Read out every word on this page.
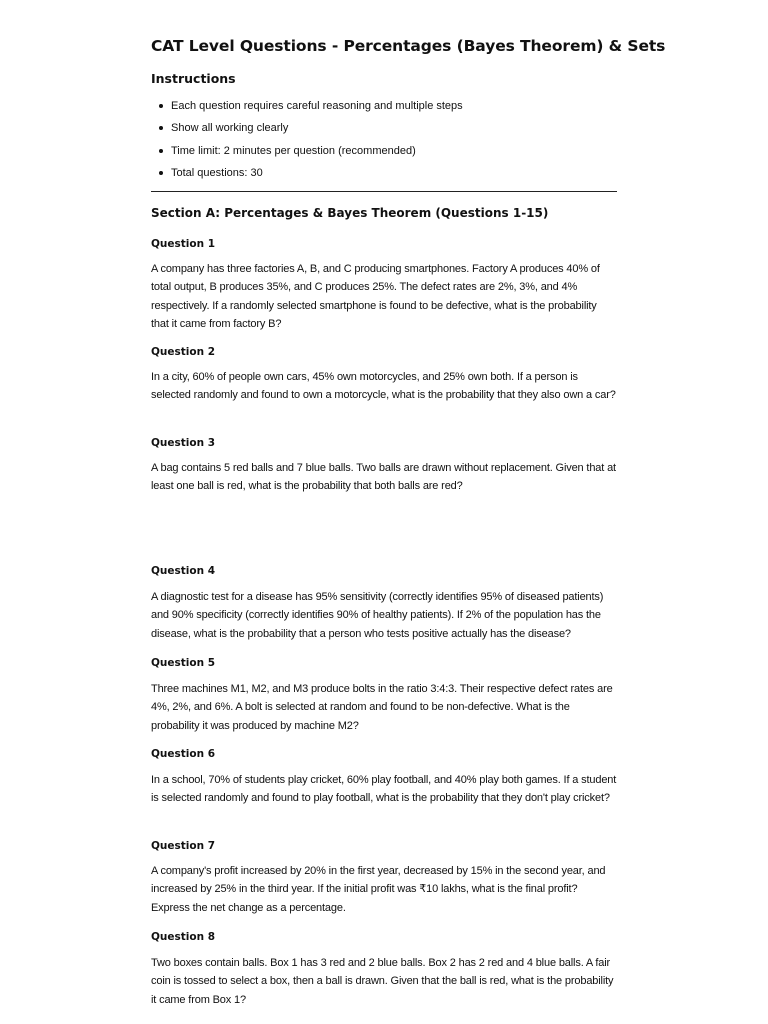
CAT Level Questions - Percentages (Bayes Theorem) & Sets
Instructions
Each question requires careful reasoning and multiple steps
Show all working clearly
Time limit: 2 minutes per question (recommended)
Total questions: 30
Section A: Percentages & Bayes Theorem (Questions 1-15)
Question 1

A company has three factories A, B, and C producing smartphones. Factory A produces 40% of total output, B produces 35%, and C produces 25%. The defect rates are 2%, 3%, and 4% respectively. If a randomly selected smartphone is found to be defective, what is the probability that it came from factory B?

Question 2

In a city, 60% of people own cars, 45% own motorcycles, and 25% own both. If a person is selected randomly and found to own a motorcycle, what is the probability that they also own a car?

Question 3

A bag contains 5 red balls and 7 blue balls. Two balls are drawn without replacement. Given that at least one ball is red, what is the probability that both balls are red?

Question 4

A diagnostic test for a disease has 95% sensitivity (correctly identifies 95% of diseased patients) and 90% specificity (correctly identifies 90% of healthy patients). If 2% of the population has the disease, what is the probability that a person who tests positive actually has the disease?

Question 5

Three machines M1, M2, and M3 produce bolts in the ratio 3:4:3. Their respective defect rates are 4%, 2%, and 6%. A bolt is selected at random and found to be non-defective. What is the probability it was produced by machine M2?

Question 6

In a school, 70% of students play cricket, 60% play football, and 40% play both games. If a student is selected randomly and found to play football, what is the probability that they don't play cricket?

Question 7

A company's profit increased by 20% in the first year, decreased by 15% in the second year, and increased by 25% in the third year. If the initial profit was ₹10 lakhs, what is the final profit? Express the net change as a percentage.

Question 8

Two boxes contain balls. Box 1 has 3 red and 2 blue balls. Box 2 has 2 red and 4 blue balls. A fair coin is tossed to select a box, then a ball is drawn. Given that the ball is red, what is the probability it came from Box 1?
